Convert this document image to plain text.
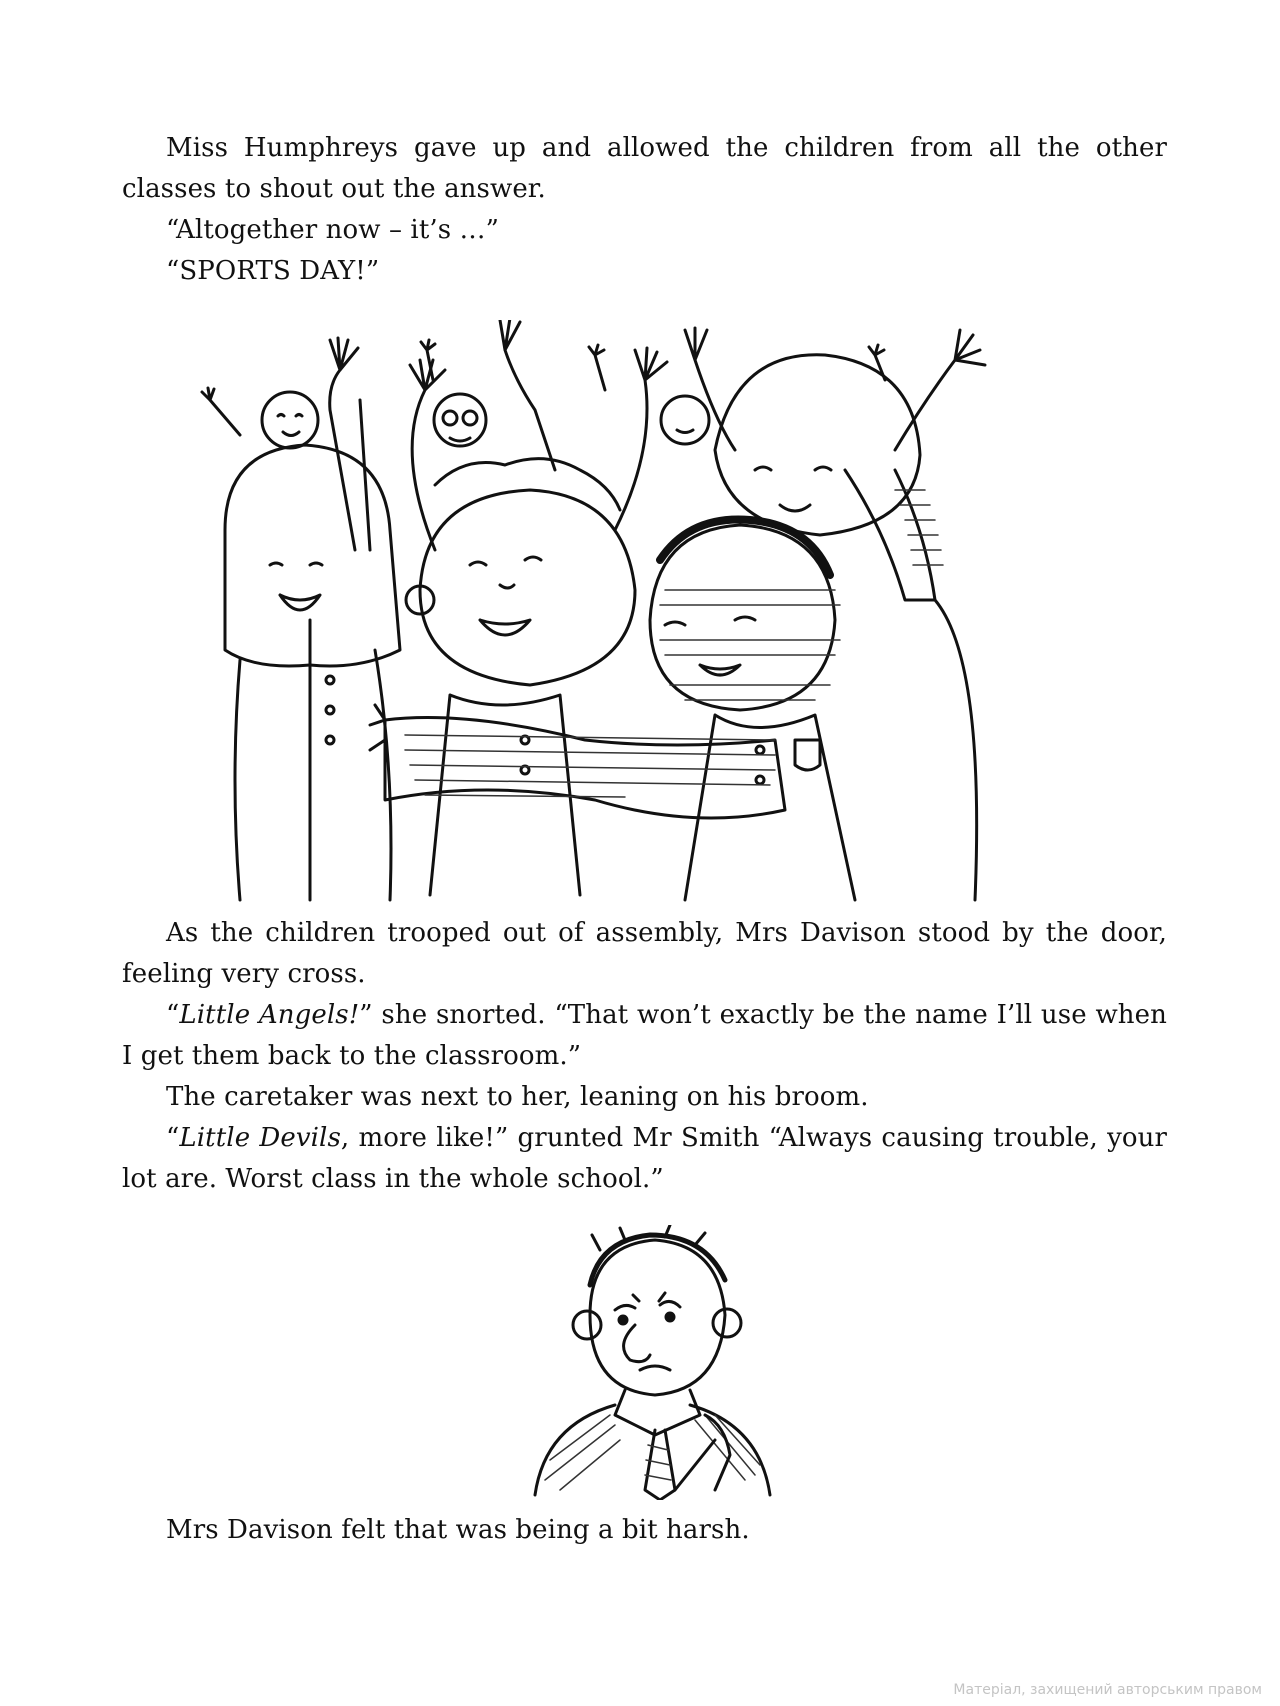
Miss Humphreys gave up and allowed the children from all the other classes to shout out the answer.

“Altogether now – it’s …”

“SPORTS DAY!”

As the children trooped out of assembly, Mrs Davison stood by the door, feeling very cross.

“Little Angels!” she snorted. “That won’t exactly be the name I’ll use when I get them back to the classroom.”

The caretaker was next to her, leaning on his broom.

“Little Devils, more like!” grunted Mr Smith “Always causing trouble, your lot are. Worst class in the whole school.”

Mrs Davison felt that was being a bit harsh.

Матеріал, захищений авторським правом
